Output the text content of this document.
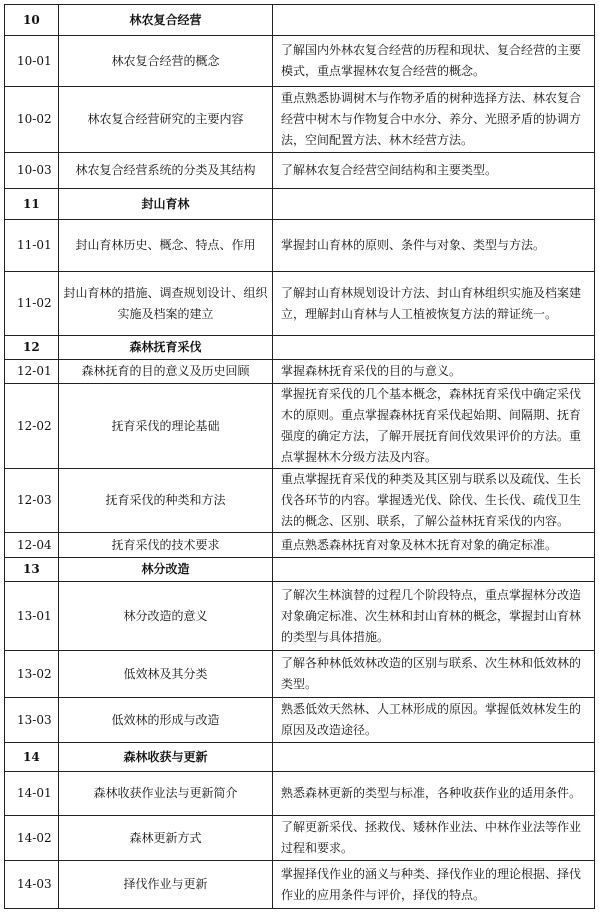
10	林农复合经营	
10-01	林农复合经营的概念	了解国内外林农复合经营的历程和现状、复合经营的主要模式，重点掌握林农复合经营的概念。
10-02	林农复合经营研究的主要内容	重点熟悉协调树木与作物矛盾的树种选择方法、林农复合经营中树木与作物复合中水分、养分、光照矛盾的协调方法，空间配置方法、林木经营方法。
10-03	林农复合经营系统的分类及其结构	了解林农复合经营空间结构和主要类型。
11	封山育林	
11-01	封山育林历史、概念、特点、作用	掌握封山育林的原则、条件与对象、类型与方法。
11-02	封山育林的措施、调查规划设计、组织实施及档案的建立	了解封山育林规划设计方法、封山育林组织实施及档案建立，理解封山育林与人工植被恢复方法的辩证统一。
12	森林抚育采伐	
12-01	森林抚育的目的意义及历史回顾	掌握森林抚育采伐的目的与意义。
12-02	抚育采伐的理论基础	掌握抚育采伐的几个基本概念，森林抚育采伐中确定采伐木的原则。重点掌握森林抚育采伐起始期、间隔期、抚育强度的确定方法，了解开展抚育间伐效果评价的方法。重点掌握林木分级方法及内容。
12-03	抚育采伐的种类和方法	重点掌握抚育采伐的种类及其区别与联系以及疏伐、生长伐各环节的内容。掌握透光伐、除伐、生长伐、疏伐卫生法的概念、区别、联系，了解公益林抚育采伐的内容。
12-04	抚育采伐的技术要求	重点熟悉森林抚育对象及林木抚育对象的确定标准。
13	林分改造	
13-01	林分改造的意义	了解次生林演替的过程几个阶段特点，重点掌握林分改造对象确定标准、次生林和封山育林的概念，掌握封山育林的类型与具体措施。
13-02	低效林及其分类	了解各种林低效林改造的区别与联系、次生林和低效林的类型。
13-03	低效林的形成与改造	熟悉低效天然林、人工林形成的原因。掌握低效林发生的原因及改造途径。
14	森林收获与更新	
14-01	森林收获作业法与更新简介	熟悉森林更新的类型与标准，各种收获作业的适用条件。
14-02	森林更新方式	了解更新采伐、拯救伐、矮林作业法、中林作业法等作业过程和要求。
14-03	择伐作业与更新	掌握择伐作业的涵义与种类、择伐作业的理论根据、择伐作业的应用条件与评价，择伐的特点。
